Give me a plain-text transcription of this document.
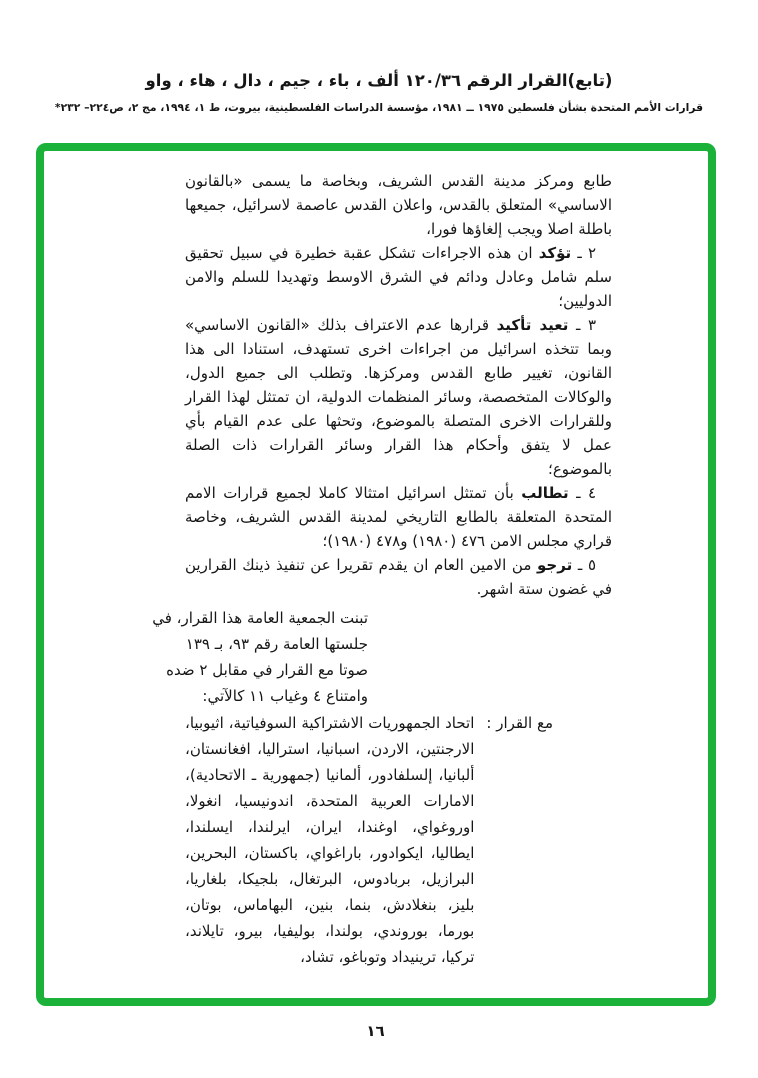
(تابع)القرار الرقم ١٢٠/٣٦ ألف ، باء ، جيم ، دال ، هاء ، واو
قرارات الأمم المتحدة بشأن فلسطين ١٩٧٥ ــ ١٩٨١، مؤسسة الدراسات الفلسطينية، بيروت، ط ١، ١٩٩٤، مج ٢، ص٢٢٤– ٢٣٢*

طابع ومركز مدينة القدس الشريف، وبخاصة ما يسمى «بالقانون الاساسي» المتعلق بالقدس، واعلان القدس عاصمة لاسرائيل، جميعها باطلة اصلا ويجب إلغاؤها فورا،

٢ ـ تؤكد ان هذه الاجراءات تشكل عقبة خطيرة في سبيل تحقيق سلم شامل وعادل ودائم في الشرق الاوسط وتهديدا للسلم والامن الدوليين؛

٣ ـ تعيد تأكيد قرارها عدم الاعتراف بذلك «القانون الاساسي» وبما تتخذه اسرائيل من اجراءات اخرى تستهدف، استنادا الى هذا القانون، تغيير طابع القدس ومركزها. وتطلب الى جميع الدول، والوكالات المتخصصة، وسائر المنظمات الدولية، ان تمتثل لهذا القرار وللقرارات الاخرى المتصلة بالموضوع، وتحثها على عدم القيام بأي عمل لا يتفق وأحكام هذا القرار وسائر القرارات ذات الصلة بالموضوع؛

٤ ـ تطالب بأن تمتثل اسرائيل امتثالا كاملا لجميع قرارات الامم المتحدة المتعلقة بالطابع التاريخي لمدينة القدس الشريف، وخاصة قراري مجلس الامن ٤٧٦ (١٩٨٠) و٤٧٨ (١٩٨٠)؛

٥ ـ ترجو من الامين العام ان يقدم تقريرا عن تنفيذ ذينك القرارين في غضون ستة اشهر.

تبنت الجمعية العامة هذا القرار، في
جلستها العامة رقم ٩٣، بـ ١٣٩
صوتا مع القرار في مقابل ٢ ضده
وامتناع ٤ وغياب ١١ كالآتي:
مع القرار :
اتحاد الجمهوريات الاشتراكية السوفياتية، اثيوبيا، الارجنتين، الاردن، اسبانيا، استراليا، افغانستان، ألبانيا، إلسلفادور، ألمانيا (جمهورية ـ الاتحادية)، الامارات العربية المتحدة، اندونيسيا، انغولا، اوروغواي، اوغندا، ايران، ايرلندا، ايسلندا، ايطاليا، ايكوادور، باراغواي، باكستان، البحرين، البرازيل، بربادوس، البرتغال، بلجيكا، بلغاريا، بليز، بنغلادش، بنما، بنين، البهاماس، بوتان، بورما، بوروندي، بولندا، بوليفيا، بيرو، تايلاند، تركيا، ترينيداد وتوباغو، تشاد،
١٦
